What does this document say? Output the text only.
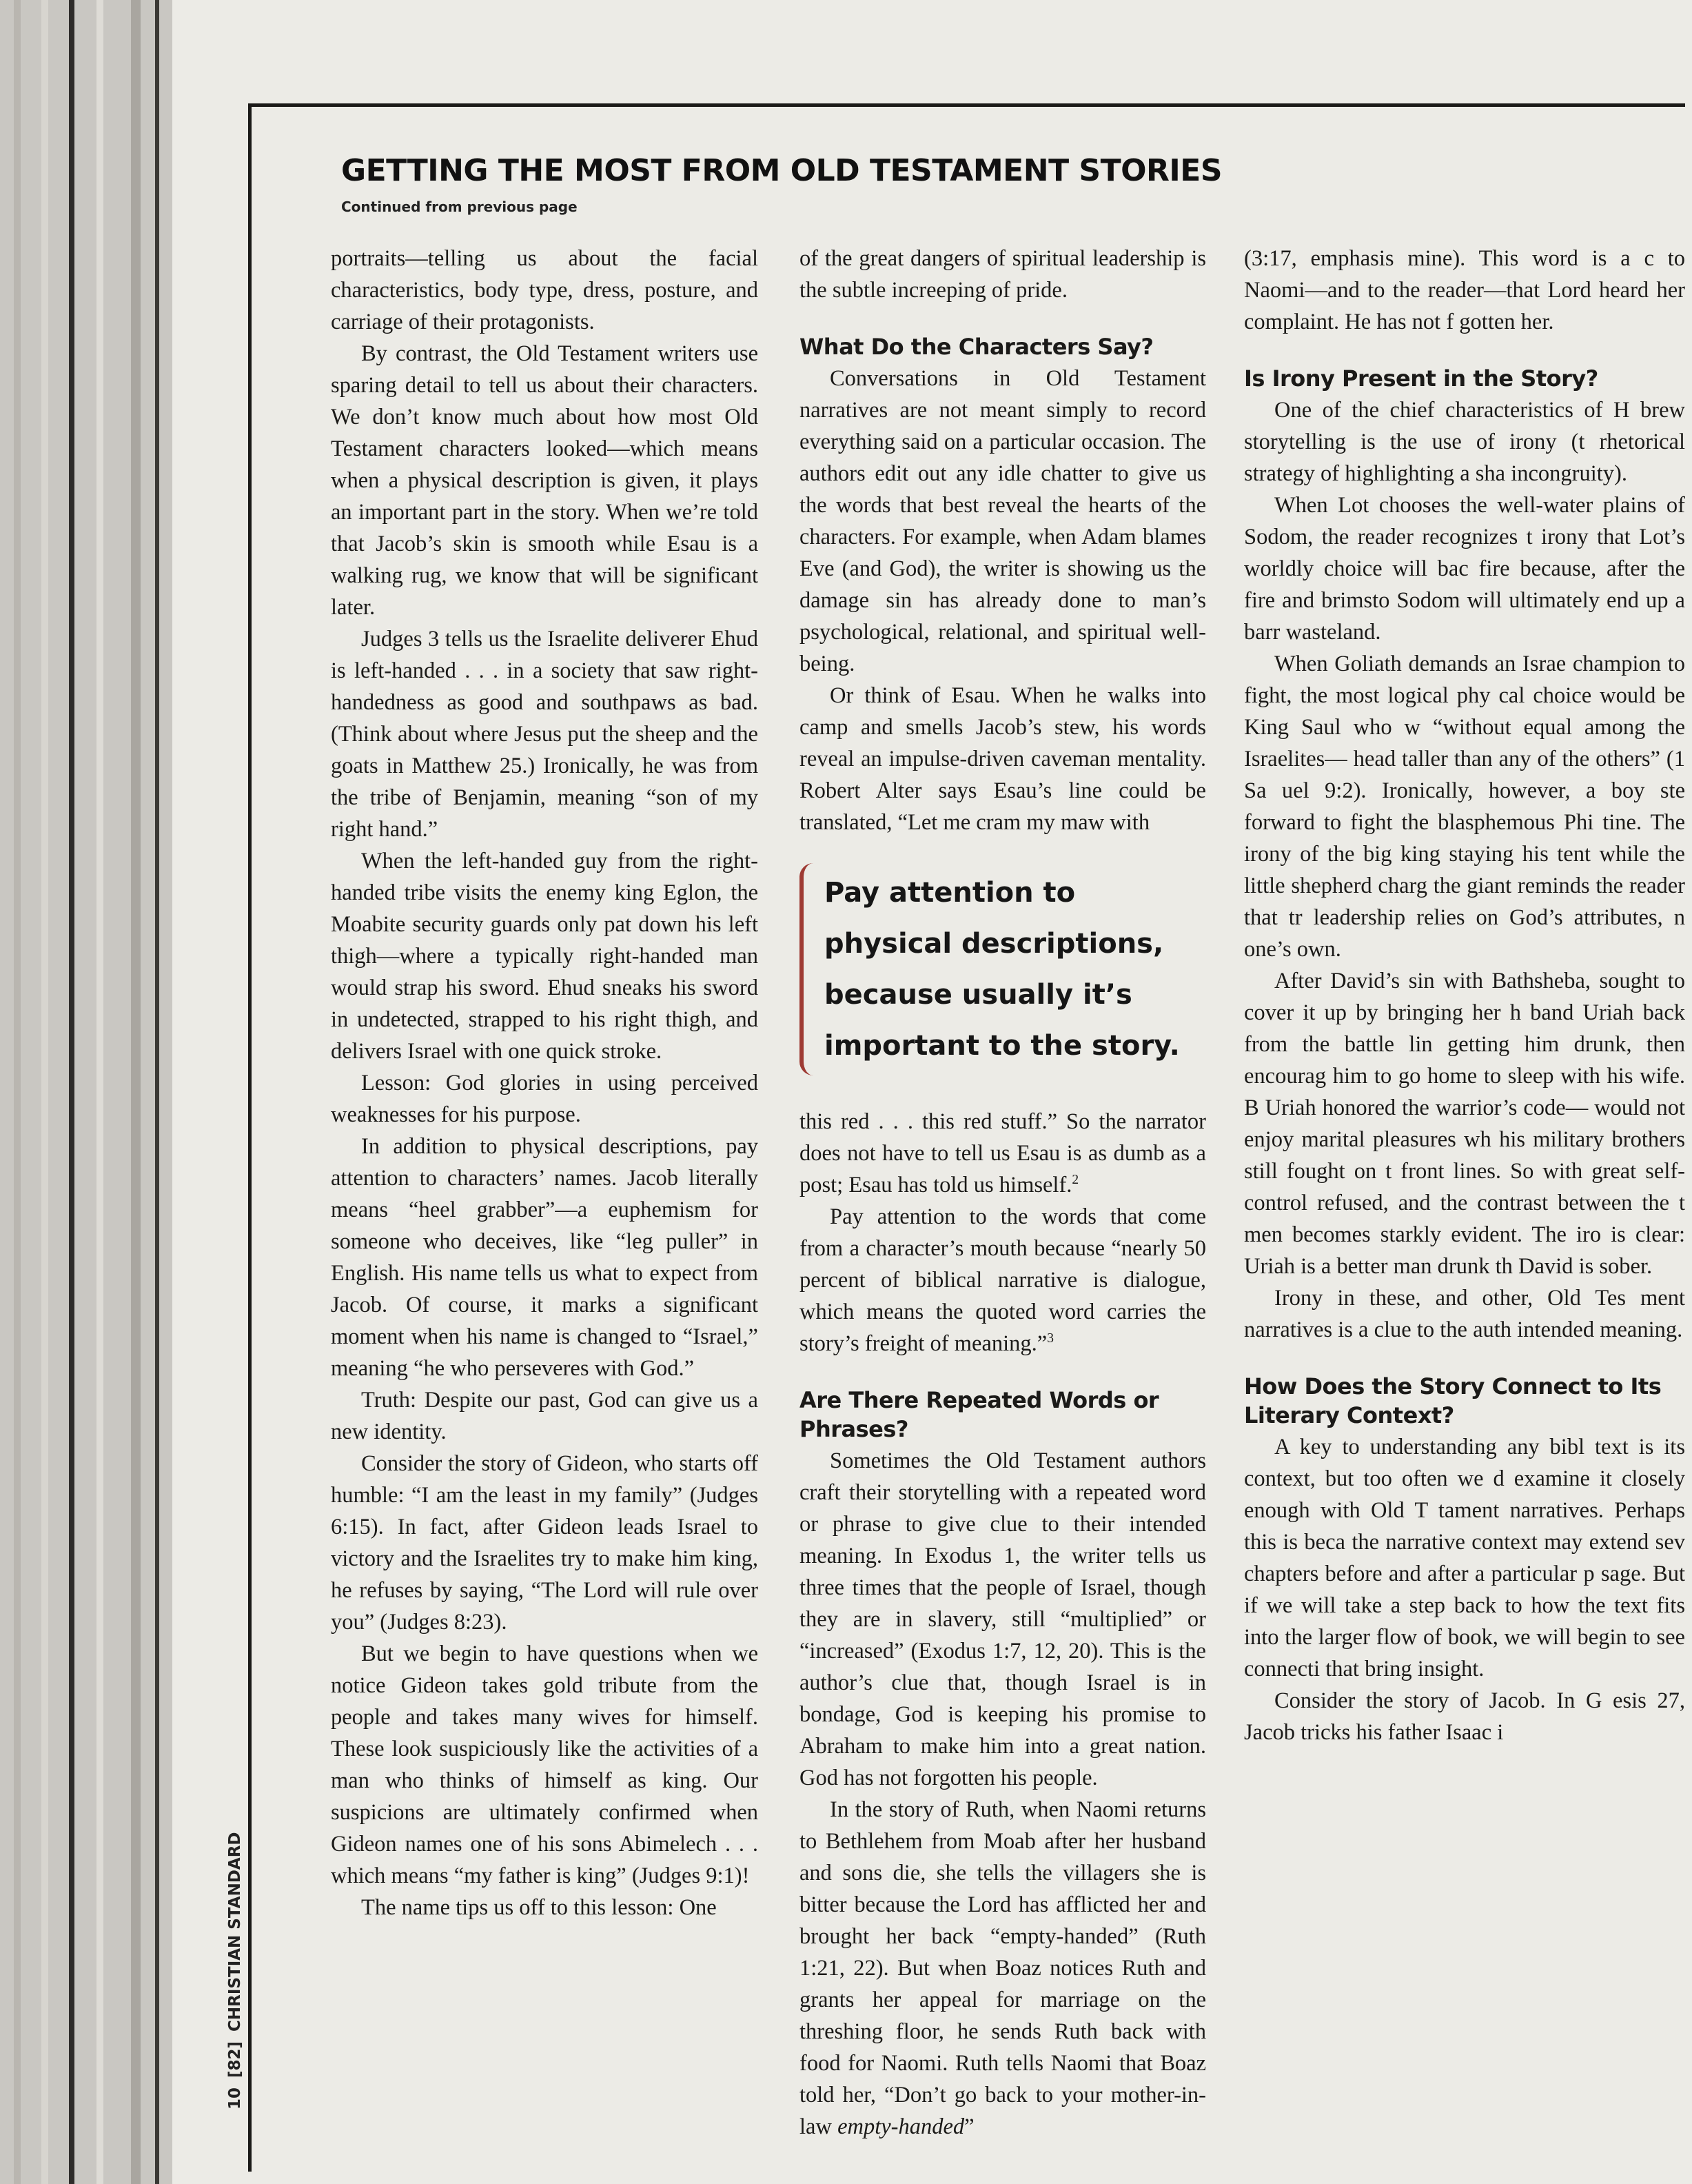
GETTING THE MOST FROM OLD TESTAMENT STORIES
Continued from previous page

portraits—telling us about the facial characteristics, body type, dress, posture, and carriage of their protagonists.

By contrast, the Old Testament writers use sparing detail to tell us about their characters. We don’t know much about how most Old Testament characters looked—which means when a physical description is given, it plays an important part in the story. When we’re told that Jacob’s skin is smooth while Esau is a walking rug, we know that will be significant later.

Judges 3 tells us the Israelite deliverer Ehud is left-handed . . . in a society that saw right-handedness as good and southpaws as bad. (Think about where Jesus put the sheep and the goats in Matthew 25.) Ironically, he was from the tribe of Benjamin, meaning “son of my right hand.”

When the left-handed guy from the right-handed tribe visits the enemy king Eglon, the Moabite security guards only pat down his left thigh—where a typically right-handed man would strap his sword. Ehud sneaks his sword in undetected, strapped to his right thigh, and delivers Israel with one quick stroke.

Lesson: God glories in using perceived weaknesses for his purpose.

In addition to physical descriptions, pay attention to characters’ names. Jacob literally means “heel grabber”—a euphemism for someone who deceives, like “leg puller” in English. His name tells us what to expect from Jacob. Of course, it marks a significant moment when his name is changed to “Israel,” meaning “he who perseveres with God.”

Truth: Despite our past, God can give us a new identity.

Consider the story of Gideon, who starts off humble: “I am the least in my family” (Judges 6:15). In fact, after Gideon leads Israel to victory and the Israelites try to make him king, he refuses by saying, “The Lord will rule over you” (Judges 8:23).

But we begin to have questions when we notice Gideon takes gold tribute from the people and takes many wives for himself. These look suspiciously like the activities of a man who thinks of himself as king. Our suspicions are ultimately confirmed when Gideon names one of his sons Abimelech . . . which means “my father is king” (Judges 9:1)!

The name tips us off to this lesson: One

of the great dangers of spiritual leadership is the subtle increeping of pride.

What Do the Characters Say?

Conversations in Old Testament narratives are not meant simply to record everything said on a particular occasion. The authors edit out any idle chatter to give us the words that best reveal the hearts of the characters. For example, when Adam blames Eve (and God), the writer is showing us the damage sin has already done to man’s psychological, relational, and spiritual well-being.

Or think of Esau. When he walks into camp and smells Jacob’s stew, his words reveal an impulse-driven caveman mentality. Robert Alter says Esau’s line could be translated, “Let me cram my maw with

Pay attention to physical descriptions, because usually it’s important to the story.

this red . . . this red stuff.” So the narrator does not have to tell us Esau is as dumb as a post; Esau has told us himself.$^2$

Pay attention to the words that come from a character’s mouth because “nearly 50 percent of biblical narrative is dialogue, which means the quoted word carries the story’s freight of meaning.”$^3$

Are There Repeated Words or Phrases?

Sometimes the Old Testament authors craft their storytelling with a repeated word or phrase to give clue to their intended meaning. In Exodus 1, the writer tells us three times that the people of Israel, though they are in slavery, still “multiplied” or “increased” (Exodus 1:7, 12, 20). This is the author’s clue that, though Israel is in bondage, God is keeping his promise to Abraham to make him into a great nation. God has not forgotten his people.

In the story of Ruth, when Naomi returns to Bethlehem from Moab after her husband and sons die, she tells the villagers she is bitter because the Lord has afflicted her and brought her back “empty-handed” (Ruth 1:21, 22). But when Boaz notices Ruth and grants her appeal for marriage on the threshing floor, he sends Ruth back with food for Naomi. Ruth tells Naomi that Boaz told her, “Don’t go back to your mother-in-law empty-handed”

(3:17, emphasis mine). This word is a c to Naomi—and to the reader—that Lord heard her complaint. He has not f gotten her.

Is Irony Present in the Story?

One of the chief characteristics of H brew storytelling is the use of irony (t rhetorical strategy of highlighting a sha incongruity).

When Lot chooses the well-water plains of Sodom, the reader recognizes t irony that Lot’s worldly choice will bac fire because, after the fire and brimsto Sodom will ultimately end up a barr wasteland.

When Goliath demands an Israe champion to fight, the most logical phy cal choice would be King Saul who w “without equal among the Israelites— head taller than any of the others” (1 Sa uel 9:2). Ironically, however, a boy ste forward to fight the blasphemous Phi tine. The irony of the big king staying his tent while the little shepherd charg the giant reminds the reader that tr leadership relies on God’s attributes, n one’s own.

After David’s sin with Bathsheba, sought to cover it up by bringing her h band Uriah back from the battle lin getting him drunk, then encourag him to go home to sleep with his wife. B Uriah honored the warrior’s code— would not enjoy marital pleasures wh his military brothers still fought on t front lines. So with great self-control refused, and the contrast between the t men becomes starkly evident. The iro is clear: Uriah is a better man drunk th David is sober.

Irony in these, and other, Old Tes ment narratives is a clue to the auth intended meaning.

How Does the Story Connect to Its Literary Context?

A key to understanding any bibl text is its context, but too often we d examine it closely enough with Old T tament narratives. Perhaps this is beca the narrative context may extend sev chapters before and after a particular p sage. But if we will take a step back to how the text fits into the larger flow of book, we will begin to see connecti that bring insight.

Consider the story of Jacob. In G esis 27, Jacob tricks his father Isaac i

10[82]CHRISTIAN STANDARD
